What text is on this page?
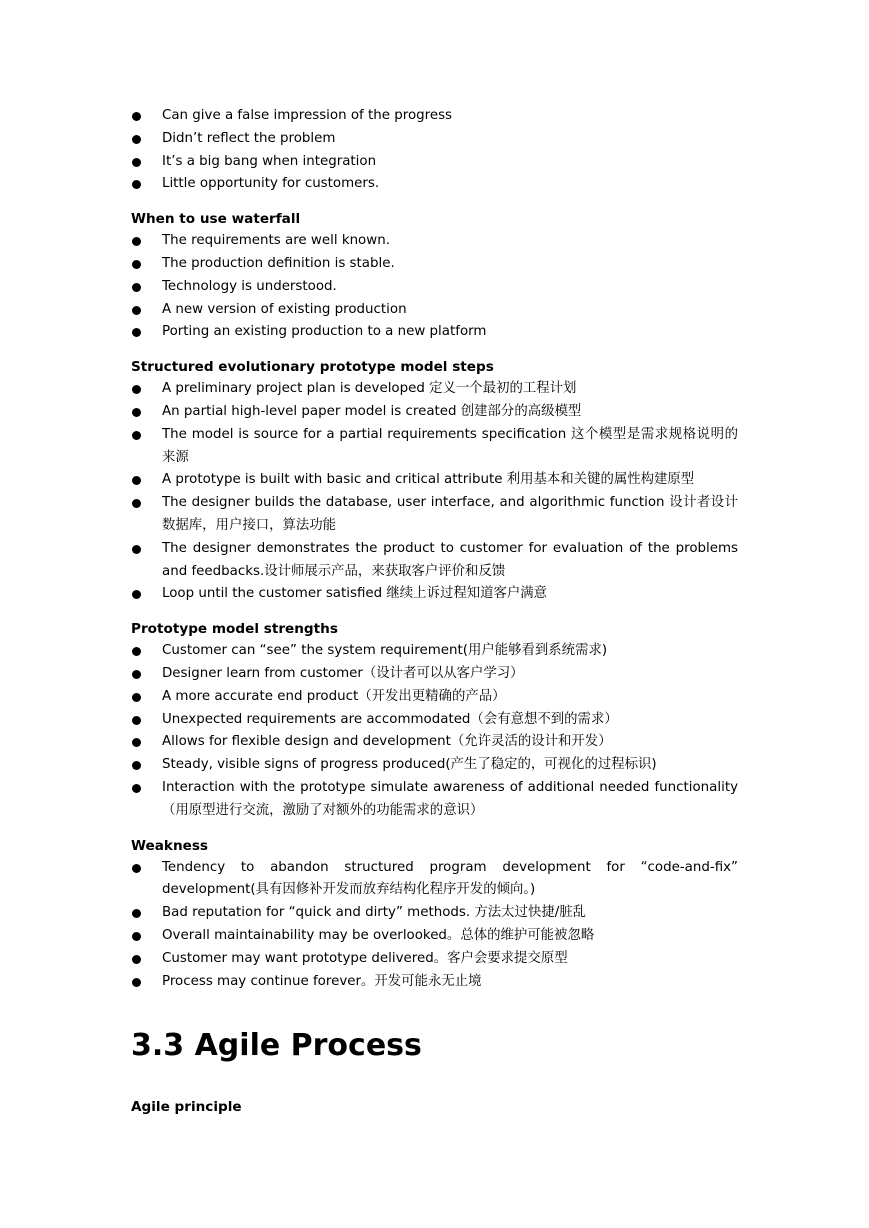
Can give a false impression of the progress
Didn’t reflect the problem
It’s a big bang when integration
Little opportunity for customers.

When to use waterfall

The requirements are well known.
The production definition is stable.
Technology is understood.
A new version of existing production
Porting an existing production to a new platform

Structured evolutionary prototype model steps

A preliminary project plan is developed 定义一个最初的工程计划
An partial high-level paper model is created 创建部分的高级模型
The model is source for a partial requirements specification 这个模型是需求规格说明的来源
A prototype is built with basic and critical attribute 利用基本和关键的属性构建原型
The designer builds the database, user interface, and algorithmic function 设计者设计数据库，用户接口，算法功能
The designer demonstrates the product to customer for evaluation of the problems and feedbacks.设计师展示产品，来获取客户评价和反馈
Loop until the customer satisfied 继续上诉过程知道客户满意

Prototype model strengths

Customer can “see” the system requirement(用户能够看到系统需求)
Designer learn from customer（设计者可以从客户学习）
A more accurate end product（开发出更精确的产品）
Unexpected requirements are accommodated（会有意想不到的需求）
Allows for flexible design and development（允许灵活的设计和开发）
Steady, visible signs of progress produced(产生了稳定的，可视化的过程标识)
Interaction with the prototype simulate awareness of additional needed functionality（用原型进行交流，激励了对额外的功能需求的意识）

Weakness

Tendency to abandon structured program development for “code-and-fix” development(具有因修补开发而放弃结构化程序开发的倾向。)
Bad reputation for “quick and dirty” methods. 方法太过快捷/脏乱
Overall maintainability may be overlooked。总体的维护可能被忽略
Customer may want prototype delivered。客户会要求提交原型
Process may continue forever。开发可能永无止境
3.3 Agile Process

Agile principle
